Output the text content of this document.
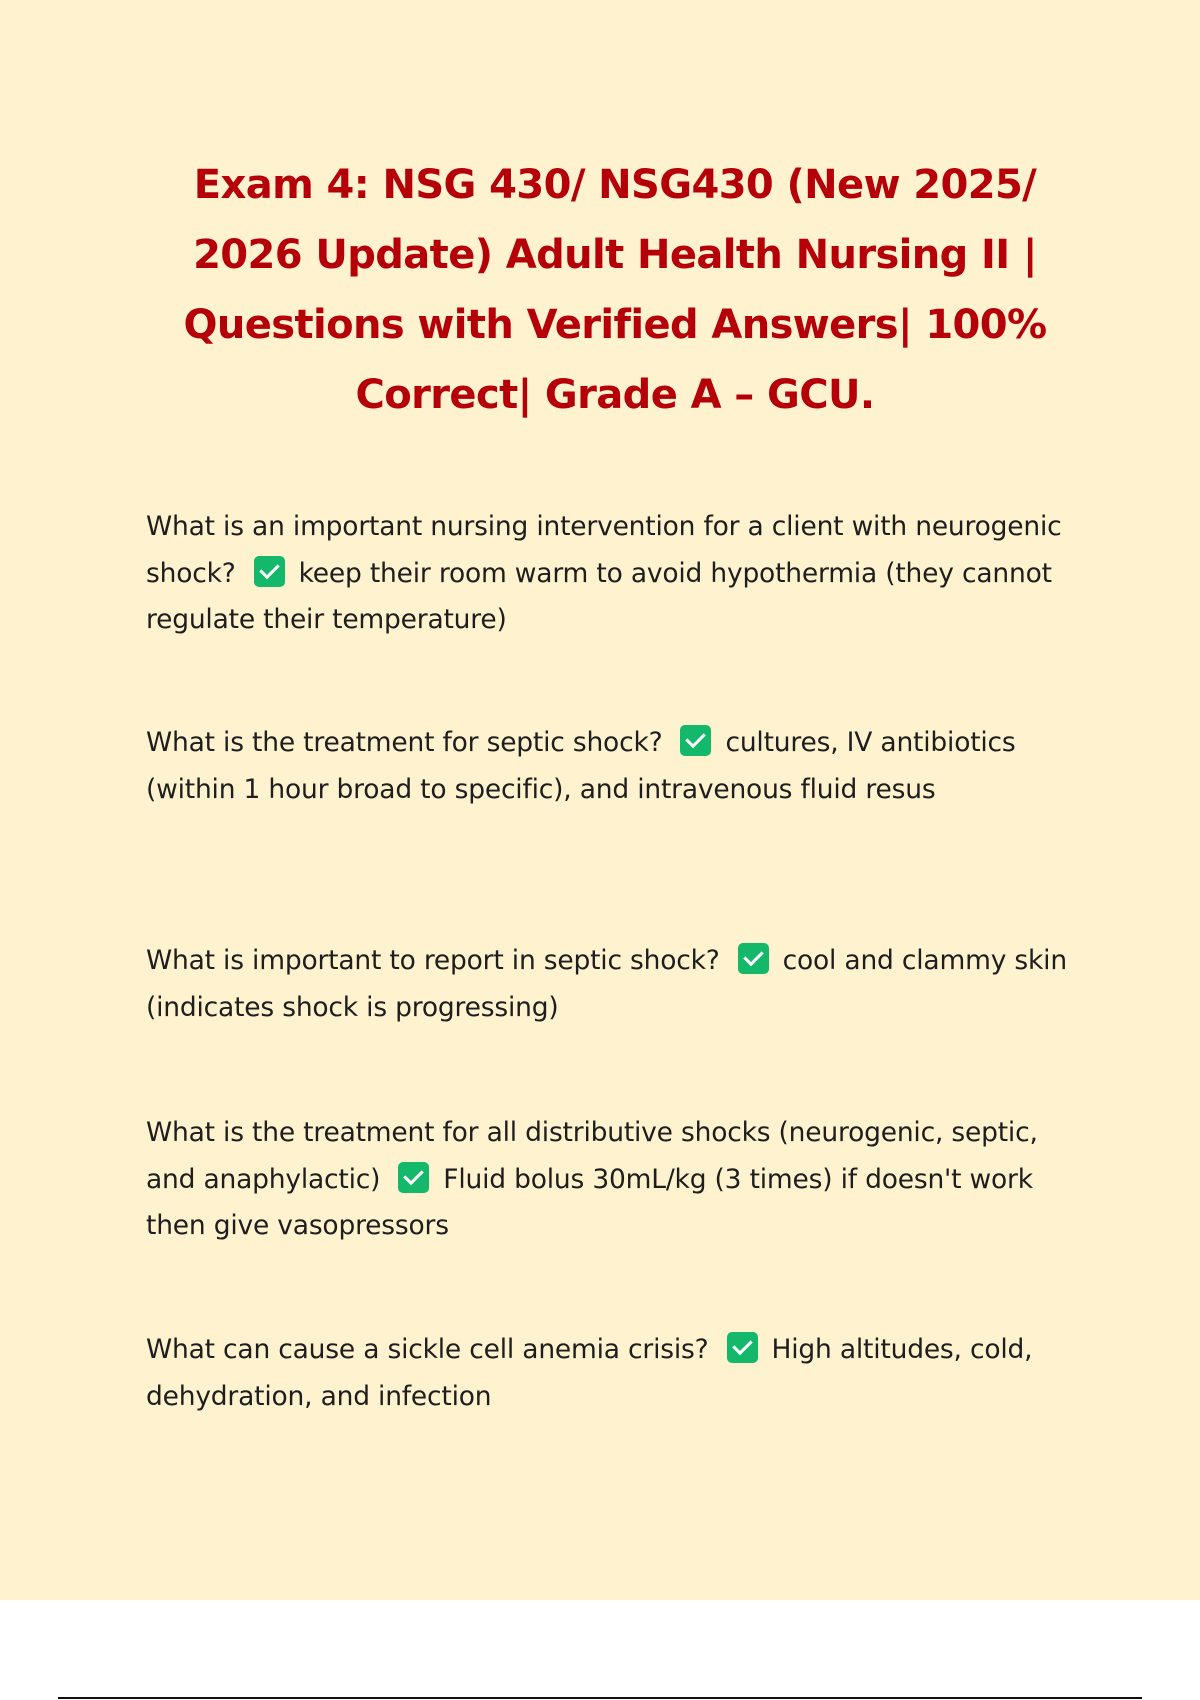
Exam 4: NSG 430/ NSG430 (New 2025/ 2026 Update) Adult Health Nursing II | Questions with Verified Answers| 100% Correct| Grade A – GCU.

What is an important nursing intervention for a client with neurogenic shock? keep their room warm to avoid hypothermia (they cannot regulate their temperature)

What is the treatment for septic shock? cultures, IV antibiotics (within 1 hour broad to specific), and intravenous fluid resus

What is important to report in septic shock? cool and clammy skin (indicates shock is progressing)

What is the treatment for all distributive shocks (neurogenic, septic, and anaphylactic) Fluid bolus 30mL/kg (3 times) if doesn't work then give vasopressors

What can cause a sickle cell anemia crisis? High altitudes, cold, dehydration, and infection
